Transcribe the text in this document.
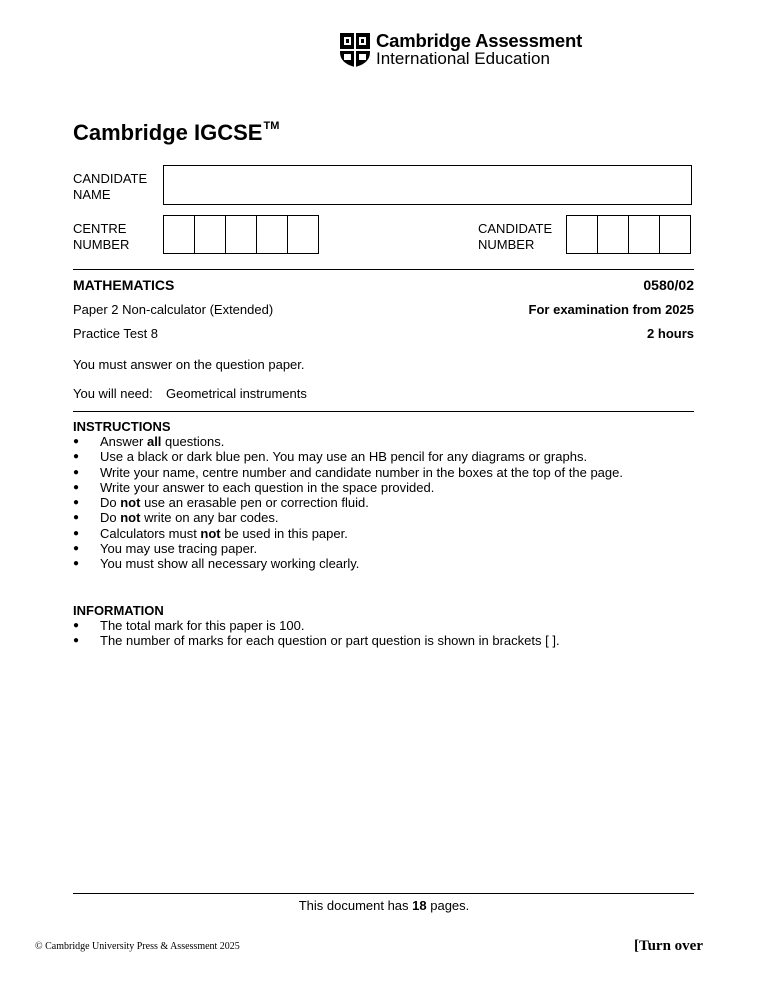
Cambridge Assessment
International Education
Cambridge IGCSE™
CANDIDATE
NAME
CENTRE
NUMBER
CANDIDATE
NUMBER
MATHEMATICS	0580/02
Paper 2 Non-calculator (Extended)	For examination from 2025
Practice Test 8	2 hours
You must answer on the question paper.
You will need: Geometrical instruments
INSTRUCTIONS
● Answer all questions.
● Use a black or dark blue pen. You may use an HB pencil for any diagrams or graphs.
● Write your name, centre number and candidate number in the boxes at the top of the page.
● Write your answer to each question in the space provided.
● Do not use an erasable pen or correction fluid.
● Do not write on any bar codes.
● Calculators must not be used in this paper.
● You may use tracing paper.
● You must show all necessary working clearly.
INFORMATION
● The total mark for this paper is 100.
● The number of marks for each question or part question is shown in brackets [ ].
This document has 18 pages.
© Cambridge University Press & Assessment 2025	[Turn over
